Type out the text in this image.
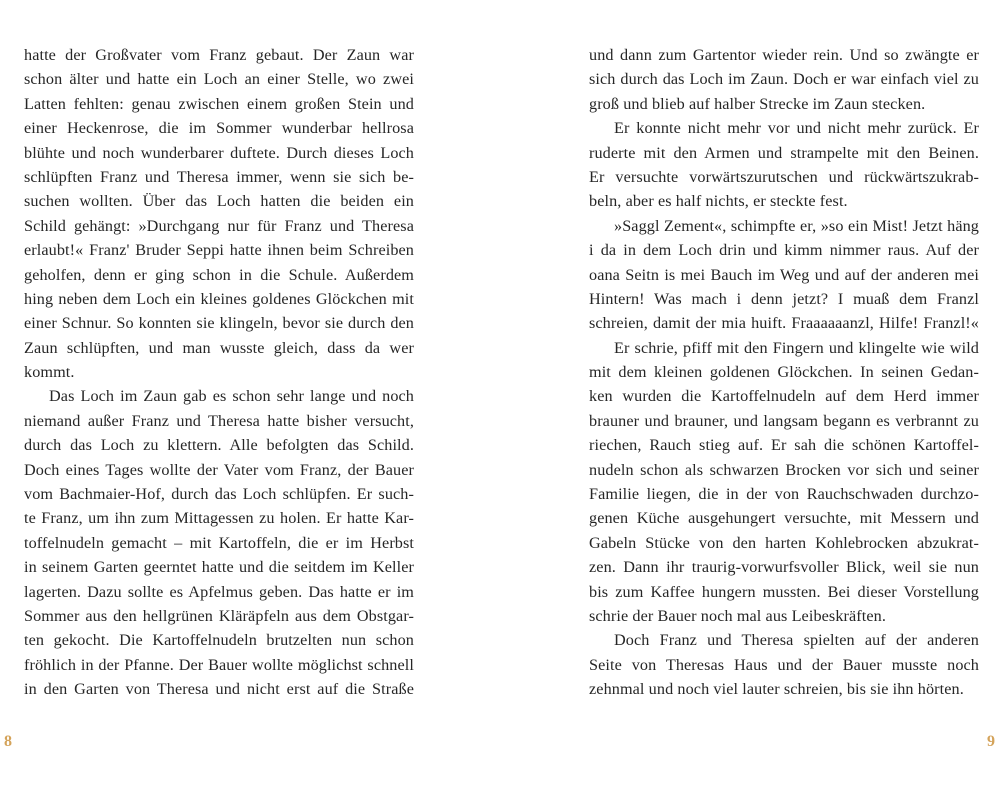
hatte der Großvater vom Franz gebaut. Der Zaun war
schon älter und hatte ein Loch an einer Stelle, wo zwei
Latten fehlten: genau zwischen einem großen Stein und
einer Heckenrose, die im Sommer wunderbar hellrosa
blühte und noch wunderbarer duftete. Durch dieses Loch
schlüpften Franz und Theresa immer, wenn sie sich be-
suchen wollten. Über das Loch hatten die beiden ein
Schild gehängt: »Durchgang nur für Franz und Theresa
erlaubt!« Franz' Bruder Seppi hatte ihnen beim Schreiben
geholfen, denn er ging schon in die Schule. Außerdem
hing neben dem Loch ein kleines goldenes Glöckchen mit
einer Schnur. So konnten sie klingeln, bevor sie durch den
Zaun schlüpften, und man wusste gleich, dass da wer
kommt.
Das Loch im Zaun gab es schon sehr lange und noch
niemand außer Franz und Theresa hatte bisher versucht,
durch das Loch zu klettern. Alle befolgten das Schild.
Doch eines Tages wollte der Vater vom Franz, der Bauer
vom Bachmaier-Hof, durch das Loch schlüpfen. Er such-
te Franz, um ihn zum Mittagessen zu holen. Er hatte Kar-
toffelnudeln gemacht – mit Kartoffeln, die er im Herbst
in seinem Garten geerntet hatte und die seitdem im Keller
lagerten. Dazu sollte es Apfelmus geben. Das hatte er im
Sommer aus den hellgrünen Kläräpfeln aus dem Obstgar-
ten gekocht. Die Kartoffelnudeln brutzelten nun schon
fröhlich in der Pfanne. Der Bauer wollte möglichst schnell
in den Garten von Theresa und nicht erst auf die Straße
und dann zum Gartentor wieder rein. Und so zwängte er
sich durch das Loch im Zaun. Doch er war einfach viel zu
groß und blieb auf halber Strecke im Zaun stecken.
Er konnte nicht mehr vor und nicht mehr zurück. Er
ruderte mit den Armen und strampelte mit den Beinen.
Er versuchte vorwärtszurutschen und rückwärtszukrab-
beln, aber es half nichts, er steckte fest.
»Saggl Zement«, schimpfte er, »so ein Mist! Jetzt häng
i da in dem Loch drin und kimm nimmer raus. Auf der
oana Seitn is mei Bauch im Weg und auf der anderen mei
Hintern! Was mach i denn jetzt? I muaß dem Franzl
schreien, damit der mia huift. Fraaaaaanzl, Hilfe! Franzl!«
Er schrie, pfiff mit den Fingern und klingelte wie wild
mit dem kleinen goldenen Glöckchen. In seinen Gedan-
ken wurden die Kartoffelnudeln auf dem Herd immer
brauner und brauner, und langsam begann es verbrannt zu
riechen, Rauch stieg auf. Er sah die schönen Kartoffel-
nudeln schon als schwarzen Brocken vor sich und seiner
Familie liegen, die in der von Rauchschwaden durchzo-
genen Küche ausgehungert versuchte, mit Messern und
Gabeln Stücke von den harten Kohlebrocken abzukrat-
zen. Dann ihr traurig-vorwurfsvoller Blick, weil sie nun
bis zum Kaffee hungern mussten. Bei dieser Vorstellung
schrie der Bauer noch mal aus Leibeskräften.
Doch Franz und Theresa spielten auf der anderen
Seite von Theresas Haus und der Bauer musste noch
zehnmal und noch viel lauter schreien, bis sie ihn hörten.
8	9
